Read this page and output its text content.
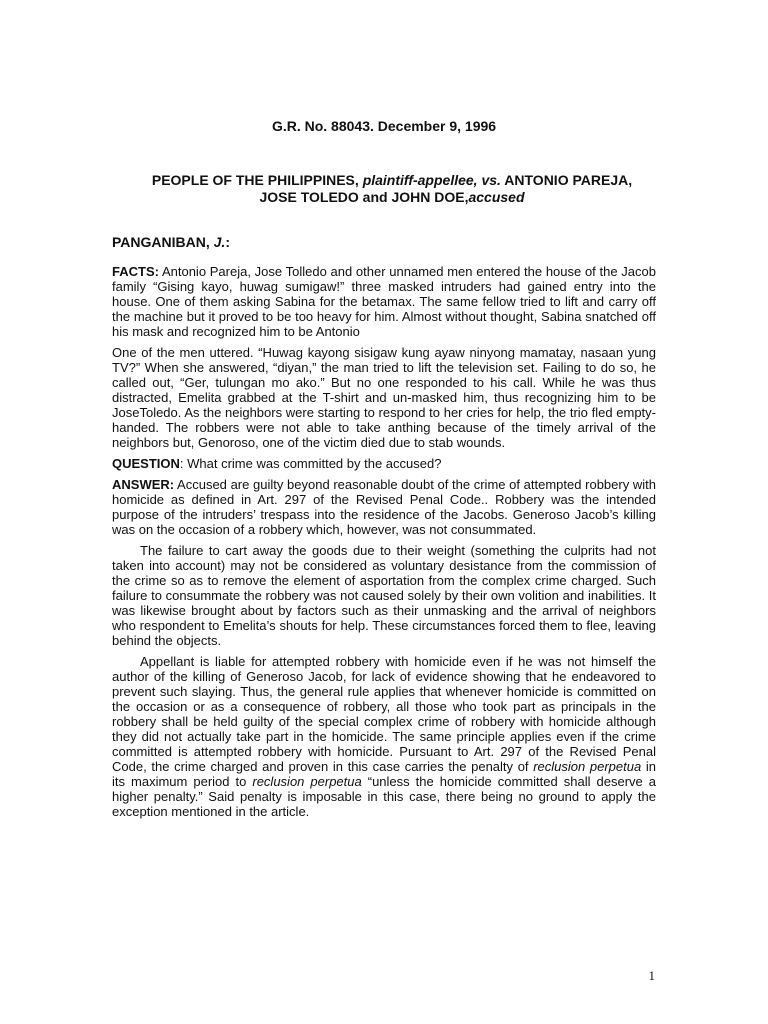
G.R. No. 88043. December 9, 1996
PEOPLE OF THE PHILIPPINES, plaintiff-appellee, vs. ANTONIO PAREJA,
JOSE TOLEDO and JOHN DOE,accused
PANGANIBAN, J.:

FACTS: Antonio Pareja, Jose Tolledo and other unnamed men entered the house of the Jacob family “Gising kayo, huwag sumigaw!” three masked intruders had gained entry into the house. One of them asking Sabina for the betamax. The same fellow tried to lift and carry off the machine but it proved to be too heavy for him. Almost without thought, Sabina snatched off his mask and recognized him to be Antonio

One of the men uttered. “Huwag kayong sisigaw kung ayaw ninyong mamatay, nasaan yung TV?” When she answered, “diyan,” the man tried to lift the television set. Failing to do so, he called out, “Ger, tulungan mo ako.” But no one responded to his call. While he was thus distracted, Emelita grabbed at the T-shirt and un-masked him, thus recognizing him to be JoseToledo. As the neighbors were starting to respond to her cries for help, the trio fled empty-handed. The robbers were not able to take anthing because of the timely arrival of the neighbors but, Genoroso, one of the victim died due to stab wounds.

QUESTION: What crime was committed by the accused?

ANSWER: Accused are guilty beyond reasonable doubt of the crime of attempted robbery with homicide as defined in Art. 297 of the Revised Penal Code.. Robbery was the intended purpose of the intruders’ trespass into the residence of the Jacobs. Generoso Jacob’s killing was on the occasion of a robbery which, however, was not consummated.

The failure to cart away the goods due to their weight (something the culprits had not taken into account) may not be considered as voluntary desistance from the commission of the crime so as to remove the element of asportation from the complex crime charged. Such failure to consummate the robbery was not caused solely by their own volition and inabilities. It was likewise brought about by factors such as their unmasking and the arrival of neighbors who respondent to Emelita’s shouts for help. These circumstances forced them to flee, leaving behind the objects.

Appellant is liable for attempted robbery with homicide even if he was not himself the author of the killing of Generoso Jacob, for lack of evidence showing that he endeavored to prevent such slaying. Thus, the general rule applies that whenever homicide is committed on the occasion or as a consequence of robbery, all those who took part as principals in the robbery shall be held guilty of the special complex crime of robbery with homicide although they did not actually take part in the homicide. The same principle applies even if the crime committed is attempted robbery with homicide. Pursuant to Art. 297 of the Revised Penal Code, the crime charged and proven in this case carries the penalty of reclusion perpetua in its maximum period to reclusion perpetua “unless the homicide committed shall deserve a higher penalty.” Said penalty is imposable in this case, there being no ground to apply the exception mentioned in the article.

1
